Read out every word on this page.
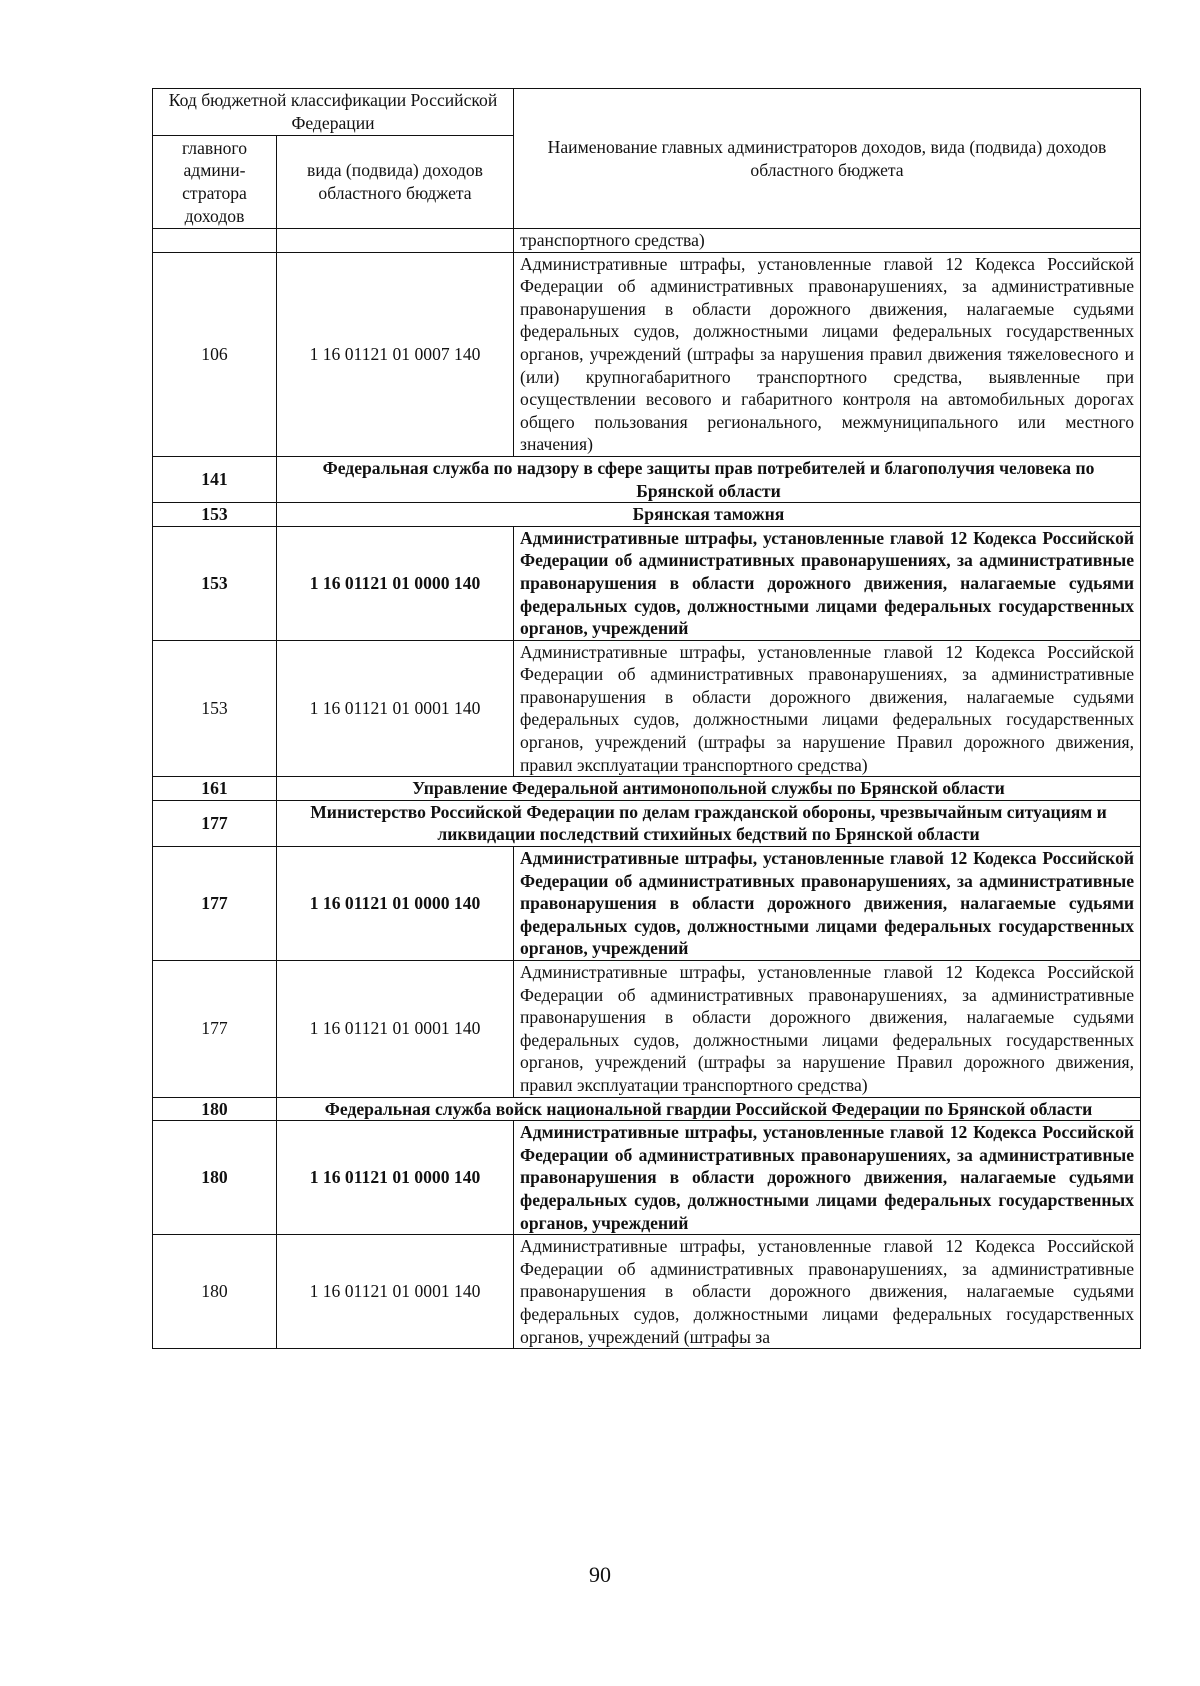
Код бюджетной классификации Российской Федерации		Наименование главных администраторов доходов, вида (подвида) доходов областного бюджета
главного админи-стратора доходов	вида (подвида) доходов областного бюджета	
		транспортного средства)
106	1 16 01121 01 0007 140	Административные штрафы, установленные главой 12 Кодекса Российской Федерации об административных правонарушениях, за административные правонарушения в области дорожного движения, налагаемые судьями федеральных судов, должностными лицами федеральных государственных органов, учреждений (штрафы за нарушения правил движения тяжеловесного и (или) крупногабаритного транспортного средства, выявленные при осуществлении весового и габаритного контроля на автомобильных дорогах общего пользования регионального, межмуниципального или местного значения)
141	Федеральная служба по надзору в сфере защиты прав потребителей и благополучия человека по Брянской области	
153	Брянская таможня	
153	1 16 01121 01 0000 140	Административные штрафы, установленные главой 12 Кодекса Российской Федерации об административных правонарушениях, за административные правонарушения в области дорожного движения, налагаемые судьями федеральных судов, должностными лицами федеральных государственных органов, учреждений
153	1 16 01121 01 0001 140	Административные штрафы, установленные главой 12 Кодекса Российской Федерации об административных правонарушениях, за административные правонарушения в области дорожного движения, налагаемые судьями федеральных судов, должностными лицами федеральных государственных органов, учреждений (штрафы за нарушение Правил дорожного движения, правил эксплуатации транспортного средства)
161	Управление Федеральной антимонопольной службы по Брянской области	
177	Министерство Российской Федерации по делам гражданской обороны, чрезвычайным ситуациям и ликвидации последствий стихийных бедствий по Брянской области	
177	1 16 01121 01 0000 140	Административные штрафы, установленные главой 12 Кодекса Российской Федерации об административных правонарушениях, за административные правонарушения в области дорожного движения, налагаемые судьями федеральных судов, должностными лицами федеральных государственных органов, учреждений
177	1 16 01121 01 0001 140	Административные штрафы, установленные главой 12 Кодекса Российской Федерации об административных правонарушениях, за административные правонарушения в области дорожного движения, налагаемые судьями федеральных судов, должностными лицами федеральных государственных органов, учреждений (штрафы за нарушение Правил дорожного движения, правил эксплуатации транспортного средства)
180	Федеральная служба войск национальной гвардии Российской Федерации по Брянской области	
180	1 16 01121 01 0000 140	Административные штрафы, установленные главой 12 Кодекса Российской Федерации об административных правонарушениях, за административные правонарушения в области дорожного движения, налагаемые судьями федеральных судов, должностными лицами федеральных государственных органов, учреждений
180	1 16 01121 01 0001 140	Административные штрафы, установленные главой 12 Кодекса Российской Федерации об административных правонарушениях, за административные правонарушения в области дорожного движения, налагаемые судьями федеральных судов, должностными лицами федеральных государственных органов, учреждений (штрафы за
90
